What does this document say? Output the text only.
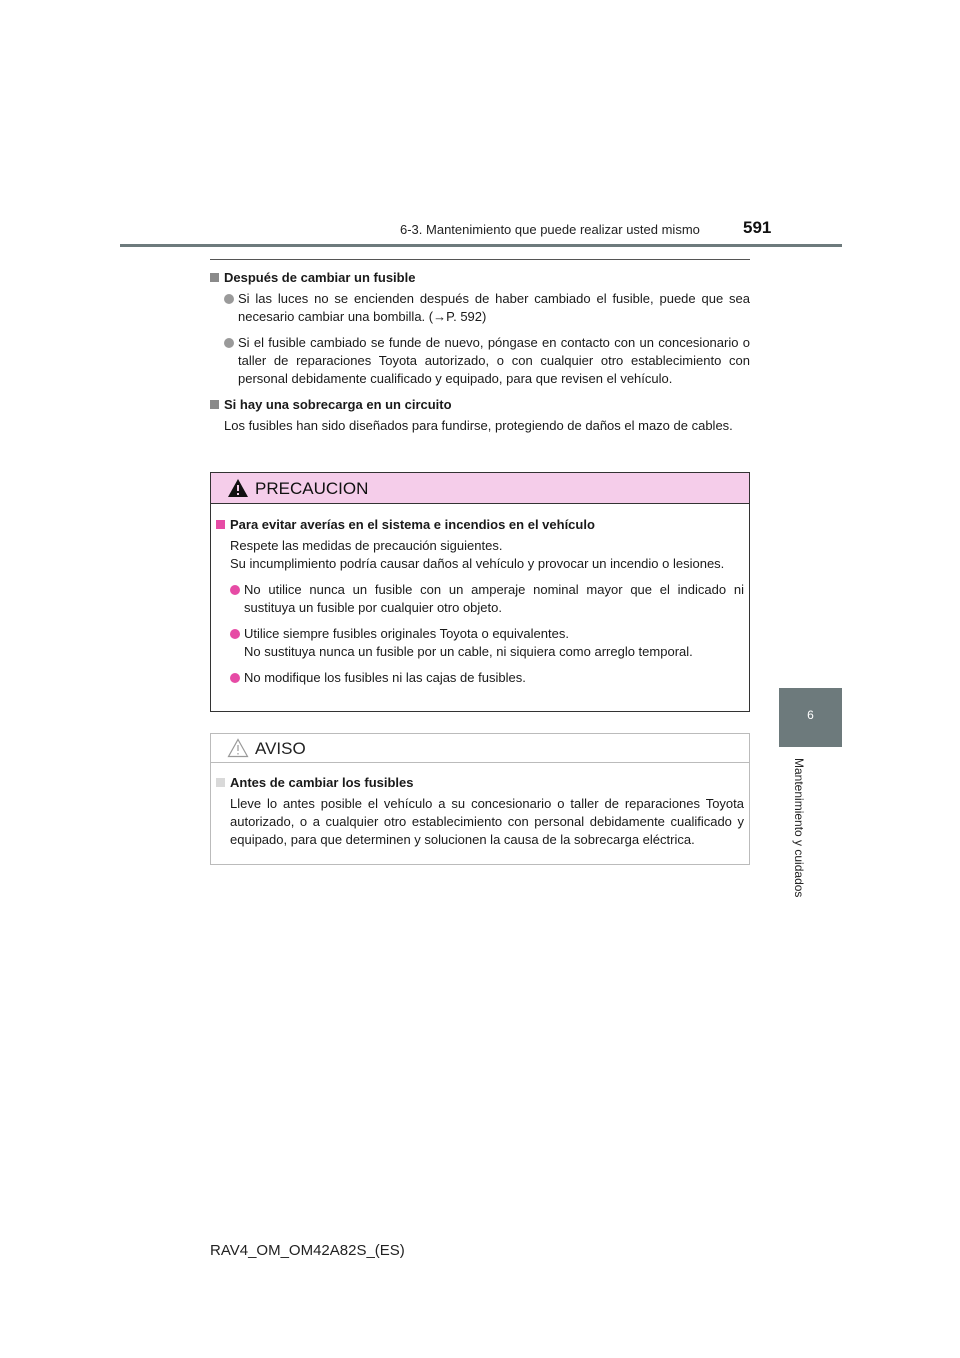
6-3. Mantenimiento que puede realizar usted mismo	591
6
Mantenimiento y cuidados
Después de cambiar un fusible
Si las luces no se encienden después de haber cambiado el fusible, puede que sea necesario cambiar una bombilla. (→P. 592)
Si el fusible cambiado se funde de nuevo, póngase en contacto con un concesionario o taller de reparaciones Toyota autorizado, o con cualquier otro establecimiento con personal debidamente cualificado y equipado, para que revisen el vehículo.
Si hay una sobrecarga en un circuito
Los fusibles han sido diseñados para fundirse, protegiendo de daños el mazo de cables.
PRECAUCION
Para evitar averías en el sistema e incendios en el vehículo
Respete las medidas de precaución siguientes.
Su incumplimiento podría causar daños al vehículo y provocar un incendio o lesiones.
No utilice nunca un fusible con un amperaje nominal mayor que el indicado ni sustituya un fusible por cualquier otro objeto.
Utilice siempre fusibles originales Toyota o equivalentes.
No sustituya nunca un fusible por un cable, ni siquiera como arreglo temporal.
No modifique los fusibles ni las cajas de fusibles.
AVISO
Antes de cambiar los fusibles
Lleve lo antes posible el vehículo a su concesionario o taller de reparaciones Toyota autorizado, o a cualquier otro establecimiento con personal debidamente cualificado y equipado, para que determinen y solucionen la causa de la sobrecarga eléctrica.
RAV4_OM_OM42A82S_(ES)
